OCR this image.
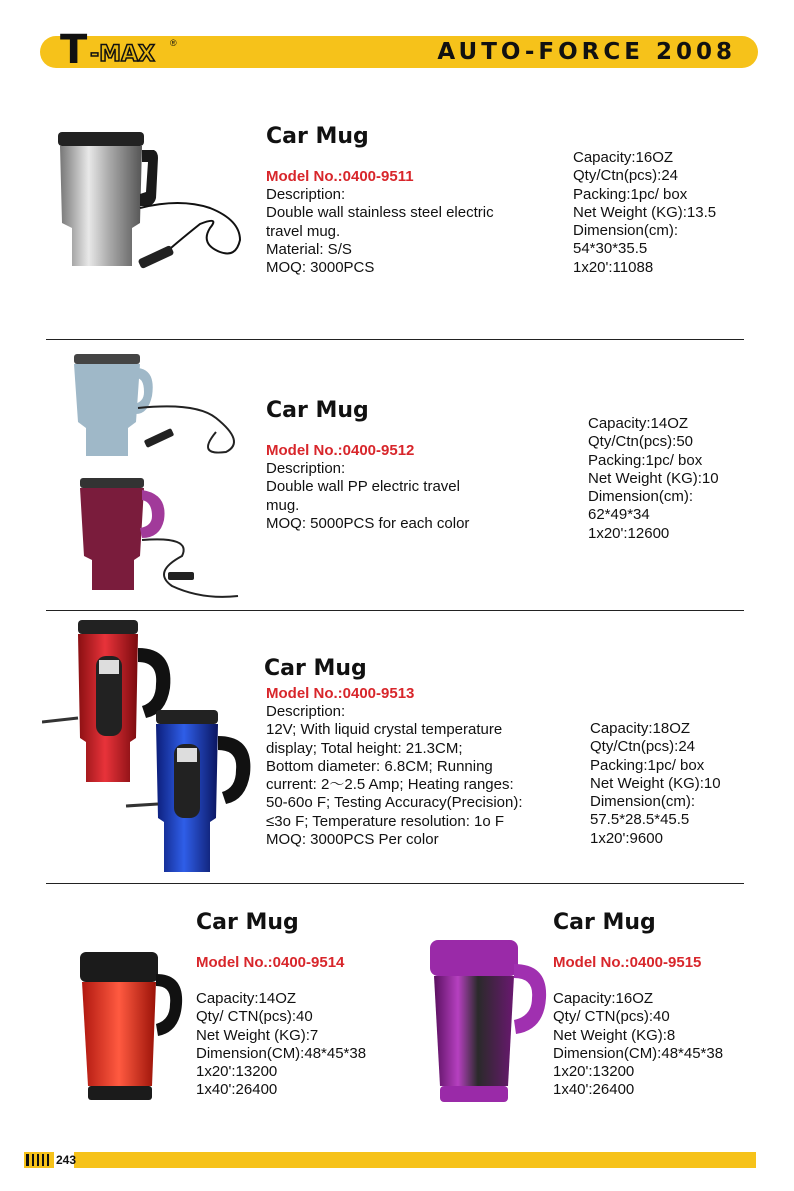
T -MAX ®	AUTO-FORCE 2008
Car Mug
Model No.:0400-9511
Description:
Double wall stainless steel electric
travel mug.
Material: S/S
MOQ: 3000PCS
Capacity:16OZ
Qty/Ctn(pcs):24
Packing:1pc/ box
Net Weight (KG):13.5
Dimension(cm):
54*30*35.5
1x20':11088
Car Mug
Model No.:0400-9512
Description:
Double wall PP electric travel
mug.
MOQ: 5000PCS for each color
Capacity:14OZ
Qty/Ctn(pcs):50
Packing:1pc/ box
Net Weight (KG):10
Dimension(cm):
62*49*34
1x20':12600
Car Mug
Model No.:0400-9513
Description:
12V; With liquid crystal temperature
display; Total height: 21.3CM;
Bottom diameter: 6.8CM; Running
current: 2～2.5 Amp; Heating ranges:
50-60o F; Testing Accuracy(Precision):
≤3o F; Temperature resolution: 1o F
MOQ: 3000PCS Per color
Capacity:18OZ
Qty/Ctn(pcs):24
Packing:1pc/ box
Net Weight (KG):10
Dimension(cm):
57.5*28.5*45.5
1x20':9600
Car Mug
Model No.:0400-9514
Capacity:14OZ
Qty/ CTN(pcs):40
Net Weight (KG):7
Dimension(CM):48*45*38
1x20':13200
1x40':26400
Car Mug
Model No.:0400-9515
Capacity:16OZ
Qty/ CTN(pcs):40
Net Weight (KG):8
Dimension(CM):48*45*38
1x20':13200
1x40':26400
243
